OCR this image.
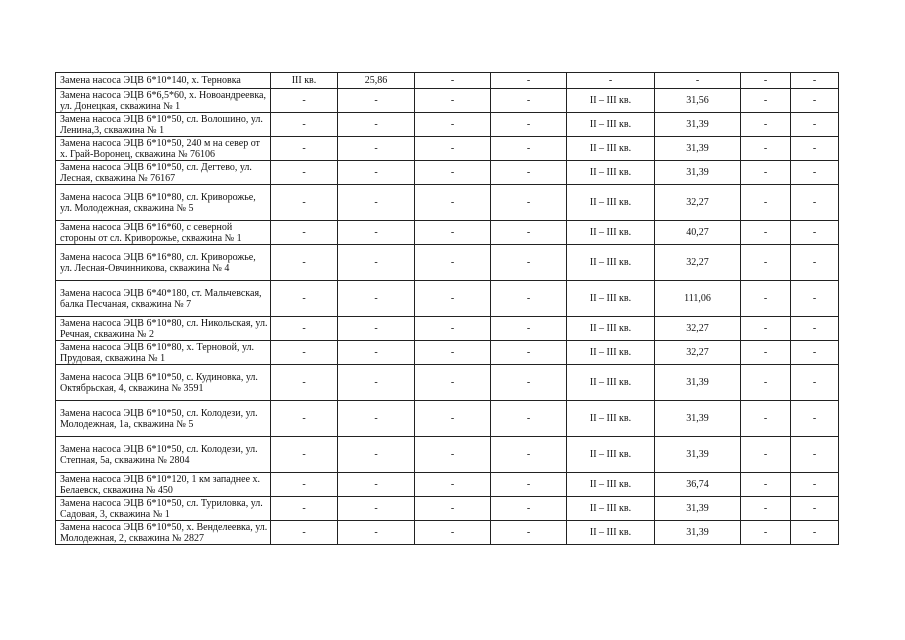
Замена насоса ЭЦВ 6*10*140, х. Терновка	III кв.	25,86	-	-	-	-	-	-
Замена насоса ЭЦВ 6*6,5*60, х. Новоандреевка, ул. Донецкая, скважина № 1	-	-	-	-	II – III кв.	31,56	-	-
Замена насоса ЭЦВ 6*10*50, сл. Волошино, ул. Ленина,3, скважина № 1	-	-	-	-	II – III кв.	31,39	-	-
Замена насоса ЭЦВ 6*10*50, 240 м на север от х. Грай-Воронец, скважина № 76106	-	-	-	-	II – III кв.	31,39	-	-
Замена насоса ЭЦВ 6*10*50, сл. Дегтево, ул. Лесная, скважина № 76167	-	-	-	-	II – III кв.	31,39	-	-
Замена насоса ЭЦВ 6*10*80, сл. Криворожье, ул. Молодежная, скважина № 5	-	-	-	-	II – III кв.	32,27	-	-
Замена насоса ЭЦВ 6*16*60, с северной стороны от сл. Криворожье, скважина № 1	-	-	-	-	II – III кв.	40,27	-	-
Замена насоса ЭЦВ 6*16*80, сл. Криворожье, ул. Лесная-Овчинникова, скважина № 4	-	-	-	-	II – III кв.	32,27	-	-
Замена насоса ЭЦВ 6*40*180, ст. Мальчевская, балка Песчаная, скважина № 7	-	-	-	-	II – III кв.	111,06	-	-
Замена насоса ЭЦВ 6*10*80, сл. Никольская, ул. Речная, скважина № 2	-	-	-	-	II – III кв.	32,27	-	-
Замена насоса ЭЦВ 6*10*80, х. Терновой, ул. Прудовая, скважина № 1	-	-	-	-	II – III кв.	32,27	-	-
Замена насоса ЭЦВ 6*10*50, с. Кудиновка, ул. Октябрьская, 4, скважина № 3591	-	-	-	-	II – III кв.	31,39	-	-
Замена насоса ЭЦВ 6*10*50, сл. Колодези, ул. Молодежная, 1а, скважина № 5	-	-	-	-	II – III кв.	31,39	-	-
Замена насоса ЭЦВ 6*10*50, сл. Колодези, ул. Степная, 5а, скважина № 2804	-	-	-	-	II – III кв.	31,39	-	-
Замена насоса ЭЦВ 6*10*120, 1 км западнее х. Белаевск, скважина № 450	-	-	-	-	II – III кв.	36,74	-	-
Замена насоса ЭЦВ 6*10*50, сл. Туриловка, ул. Садовая, 3, скважина № 1	-	-	-	-	II – III кв.	31,39	-	-
Замена насоса ЭЦВ 6*10*50, х. Венделеевка, ул. Молодежная, 2, скважина № 2827	-	-	-	-	II – III кв.	31,39	-	-
